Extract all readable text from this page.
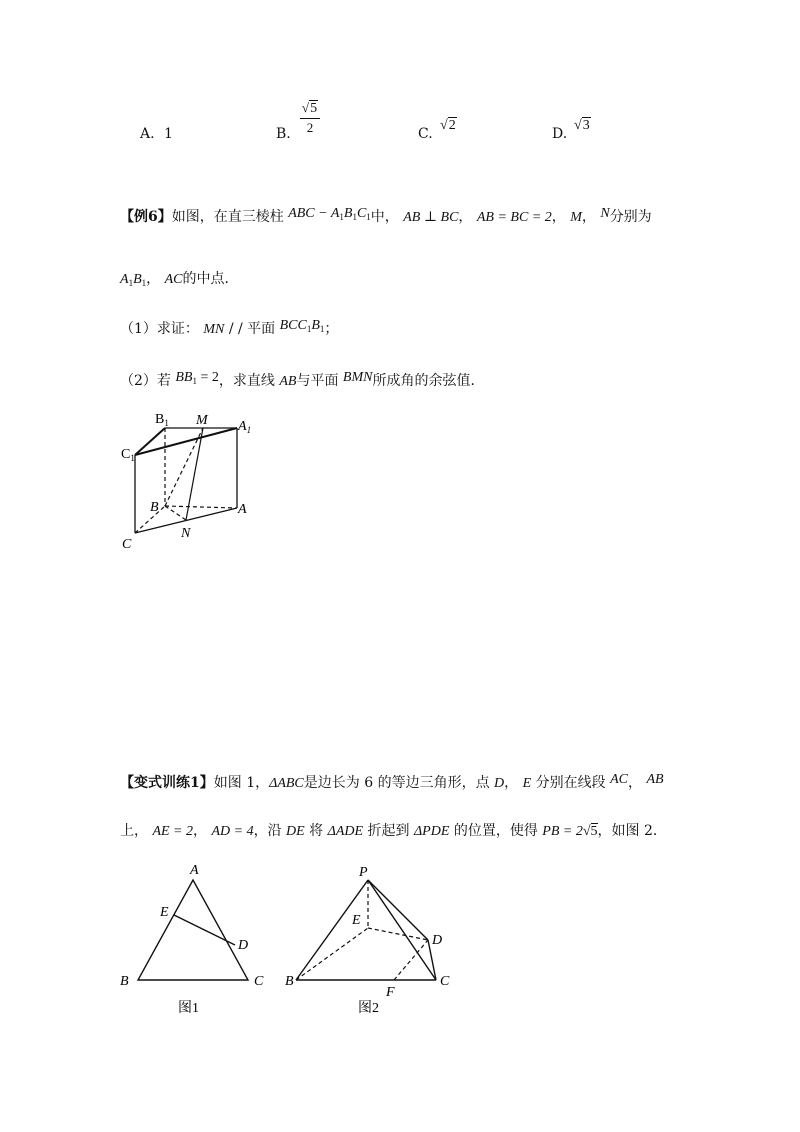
A. 1	B.
√5
2	C.
√2
D.
√3
【例6】如图，在直三棱柱 ABC − $A_1B_1C_1$中， AB ⊥ BC， AB = BC = 2， M， N分别为
$A_1B_1$， AC的中点．
（1）求证： MN / / 平面 $BCC_1B_1$；
（2）若 $BB_1 = 2$，求直线 AB与平面 BMN所成角的余弦值．
$B_1$ M $A_1$
$C_1$
B	A
C
N
【变式训练1】如图 1，ΔABC是边长为 6 的等边三角形，点 D， E 分别在线段 AC， AB
上， AE = 2， AD = 4，沿 DE 将 ΔADE 折起到 ΔPDE 的位置，使得 PB = 2√5，如图 2．
A
E
D
B	C
图1
P
E
D
B	C
F
图2
